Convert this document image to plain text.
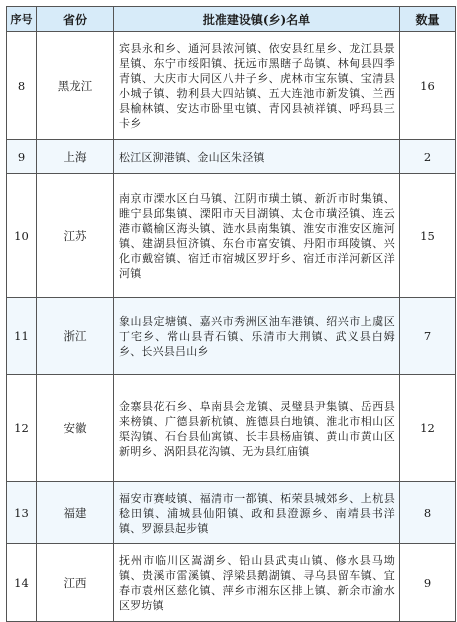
序号	省份	批准建设镇(乡)名单	数量
8	黑龙江	宾县永和乡、通河县浓河镇、依安县红星乡、龙江县景星镇、东宁市绥阳镇、抚远市黑瞎子岛镇、林甸县四季青镇、大庆市大同区八井子乡、虎林市宝东镇、宝清县小城子镇、勃利县大四站镇、五大连池市新发镇、兰西县榆林镇、安达市卧里屯镇、青冈县祯祥镇、呼玛县三卡乡	16
9	上海	松江区泖港镇、金山区朱泾镇	2
10	江苏	南京市溧水区白马镇、江阴市璜土镇、新沂市时集镇、睢宁县邱集镇、溧阳市天目湖镇、太仓市璜泾镇、连云港市赣榆区海头镇、涟水县南集镇、淮安市淮安区施河镇、建湖县恒济镇、东台市富安镇、丹阳市珥陵镇、兴化市戴窑镇、宿迁市宿城区罗圩乡、宿迁市洋河新区洋河镇	15
11	浙江	象山县定塘镇、嘉兴市秀洲区油车港镇、绍兴市上虞区丁宅乡、常山县青石镇、乐清市大荆镇、武义县白姆乡、长兴县吕山乡	7
12	安徽	金寨县花石乡、阜南县会龙镇、灵璧县尹集镇、岳西县来榜镇、广德县新杭镇、旌德县白地镇、淮北市相山区渠沟镇、石台县仙寓镇、长丰县杨庙镇、黄山市黄山区新明乡、涡阳县花沟镇、无为县红庙镇	12
13	福建	福安市赛岐镇、福清市一都镇、柘荣县城郊乡、上杭县稔田镇、浦城县仙阳镇、政和县澄源乡、南靖县书洋镇、罗源县起步镇	8
14	江西	抚州市临川区嵩湖乡、铅山县武夷山镇、修水县马坳镇、贵溪市雷溪镇、浮梁县鹅湖镇、寻乌县留车镇、宜春市袁州区慈化镇、萍乡市湘东区排上镇、新余市渝水区罗坊镇	9
